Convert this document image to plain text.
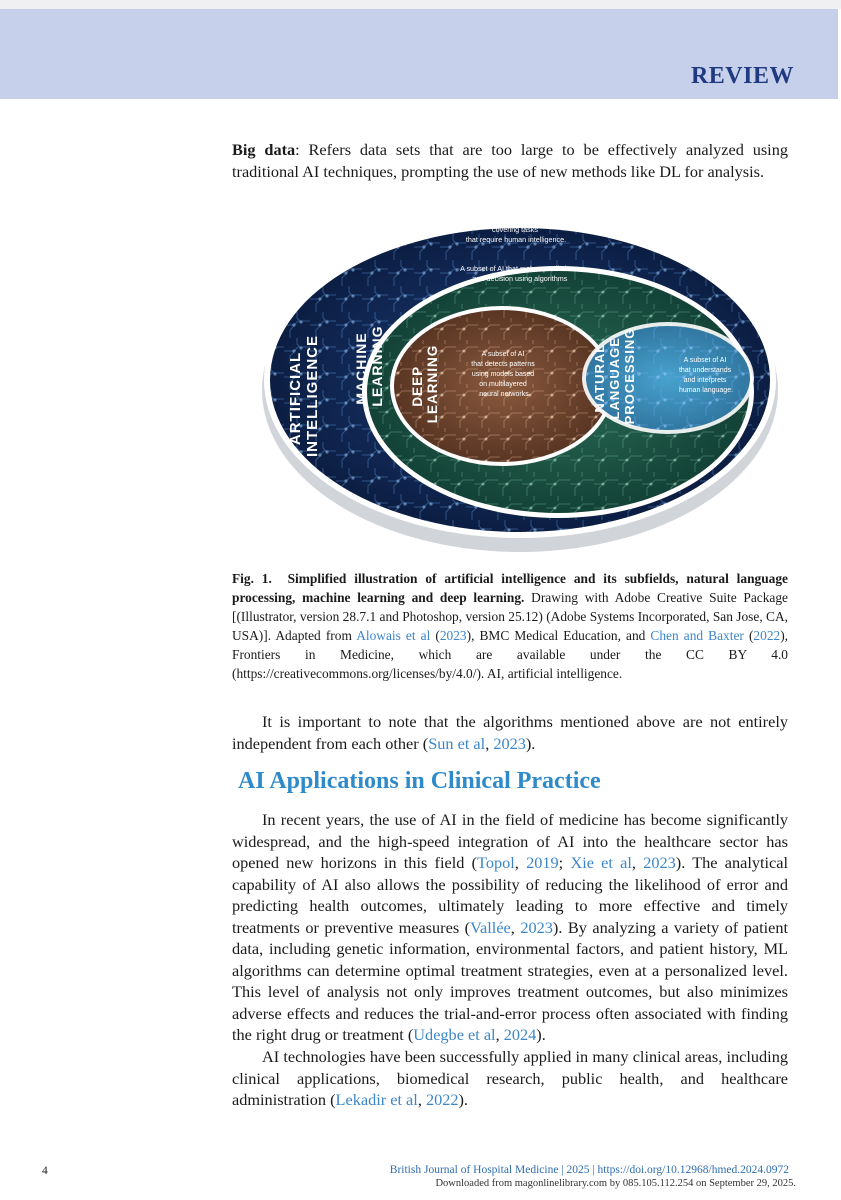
REVIEW
Big data: Refers data sets that are too large to be effectively analyzed using traditional AI techniques, prompting the use of new methods like DL for analysis.
ARTIFICIAL INTELLIGENCE
Umbrella term in computer systems covering tasks that require human intelligence.
MACHINE LEARNING
A subset of AI that makes predictions and decision using algorithms
DEEP LEARNING	A subset of AI that detects patterns using models based on multilayered neural networks	NATURAL LANGUAGE PROCESSING	A subset of AI that understands and interprets human language.
Fig. 1. Simplified illustration of artificial intelligence and its subfields, natural language processing, machine learning and deep learning. Drawing with Adobe Creative Suite Package [(Illustrator, version 28.7.1 and Photoshop, version 25.12) (Adobe Systems Incorporated, San Jose, CA, USA)]. Adapted from Alowais et al (2023), BMC Medical Education, and Chen and Baxter (2022), Frontiers in Medicine, which are available under the CC BY 4.0 (https://creativecommons.org/licenses/by/4.0/). AI, artificial intelligence.
It is important to note that the algorithms mentioned above are not entirely independent from each other (Sun et al, 2023).
AI Applications in Clinical Practice
In recent years, the use of AI in the field of medicine has become significantly widespread, and the high-speed integration of AI into the healthcare sector has opened new horizons in this field (Topol, 2019; Xie et al, 2023). The analytical capability of AI also allows the possibility of reducing the likelihood of error and predicting health outcomes, ultimately leading to more effective and timely treatments or preventive measures (Vallée, 2023). By analyzing a variety of patient data, including genetic information, environmental factors, and patient history, ML algorithms can determine optimal treatment strategies, even at a personalized level. This level of analysis not only improves treatment outcomes, but also minimizes adverse effects and reduces the trial-and-error process often associated with finding the right drug or treatment (Udegbe et al, 2024).
AI technologies have been successfully applied in many clinical areas, including clinical applications, biomedical research, public health, and healthcare administration (Lekadir et al, 2022).
4	British Journal of Hospital Medicine | 2025 | https://doi.org/10.12968/hmed.2024.0972
Downloaded from magonlinelibrary.com by 085.105.112.254 on September 29, 2025.
